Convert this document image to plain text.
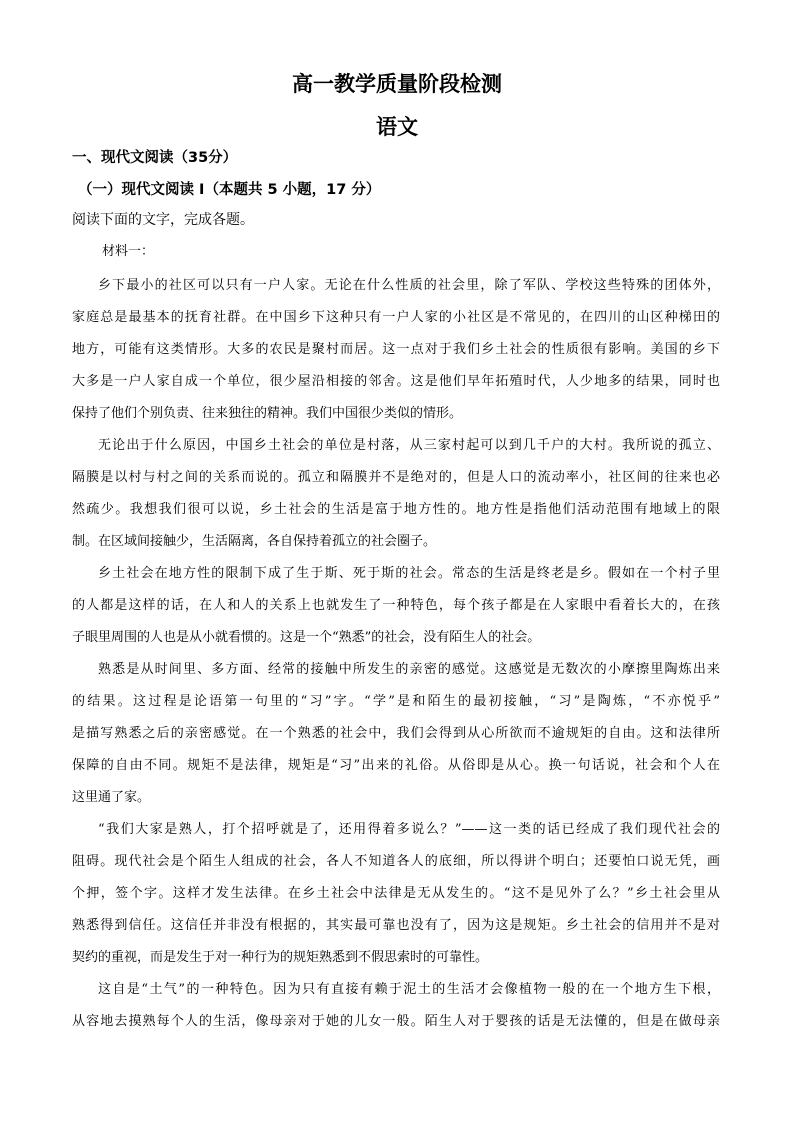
高一教学质量阶段检测
语文
一、现代文阅读（35分）
（一）现代文阅读 I（本题共 5 小题，17 分）
阅读下面的文字，完成各题。
材料一：

乡下最小的社区可以只有一户人家。无论在什么性质的社会里，除了军队、学校这些特殊的团体外，

家庭总是最基本的抚育社群。在中国乡下这种只有一户人家的小社区是不常见的，在四川的山区种梯田的

地方，可能有这类情形。大多的农民是聚村而居。这一点对于我们乡土社会的性质很有影响。美国的乡下

大多是一户人家自成一个单位，很少屋沿相接的邻舍。这是他们早年拓殖时代，人少地多的结果，同时也

保持了他们个别负责、往来独往的精神。我们中国很少类似的情形。

无论出于什么原因，中国乡土社会的单位是村落，从三家村起可以到几千户的大村。我所说的孤立、

隔膜是以村与村之间的关系而说的。孤立和隔膜并不是绝对的，但是人口的流动率小，社区间的往来也必

然疏少。我想我们很可以说，乡土社会的生活是富于地方性的。地方性是指他们活动范围有地域上的限

制。在区域间接触少，生活隔离，各自保持着孤立的社会圈子。

乡土社会在地方性的限制下成了生于斯、死于斯的社会。常态的生活是终老是乡。假如在一个村子里

的人都是这样的话，在人和人的关系上也就发生了一种特色，每个孩子都是在人家眼中看着长大的，在孩

子眼里周围的人也是从小就看惯的。这是一个“熟悉”的社会，没有陌生人的社会。

熟悉是从时间里、多方面、经常的接触中所发生的亲密的感觉。这感觉是无数次的小摩擦里陶炼出来

的结果。这过程是论语第一句里的“习”字。“学”是和陌生的最初接触，“习”是陶炼，“不亦悦乎”

是描写熟悉之后的亲密感觉。在一个熟悉的社会中，我们会得到从心所欲而不逾规矩的自由。这和法律所

保障的自由不同。规矩不是法律，规矩是“习”出来的礼俗。从俗即是从心。换一句话说，社会和个人在

这里通了家。

“我们大家是熟人，打个招呼就是了，还用得着多说么？”——这一类的话已经成了我们现代社会的

阻碍。现代社会是个陌生人组成的社会，各人不知道各人的底细，所以得讲个明白；还要怕口说无凭，画

个押，签个字。这样才发生法律。在乡土社会中法律是无从发生的。“这不是见外了么？”乡土社会里从

熟悉得到信任。这信任并非没有根据的，其实最可靠也没有了，因为这是规矩。乡土社会的信用并不是对

契约的重视，而是发生于对一种行为的规矩熟悉到不假思索时的可靠性。

这自是“土气”的一种特色。因为只有直接有赖于泥土的生活才会像植物一般的在一个地方生下根，

从容地去摸熟每个人的生活，像母亲对于她的儿女一般。陌生人对于婴孩的话是无法懂的，但是在做母亲
